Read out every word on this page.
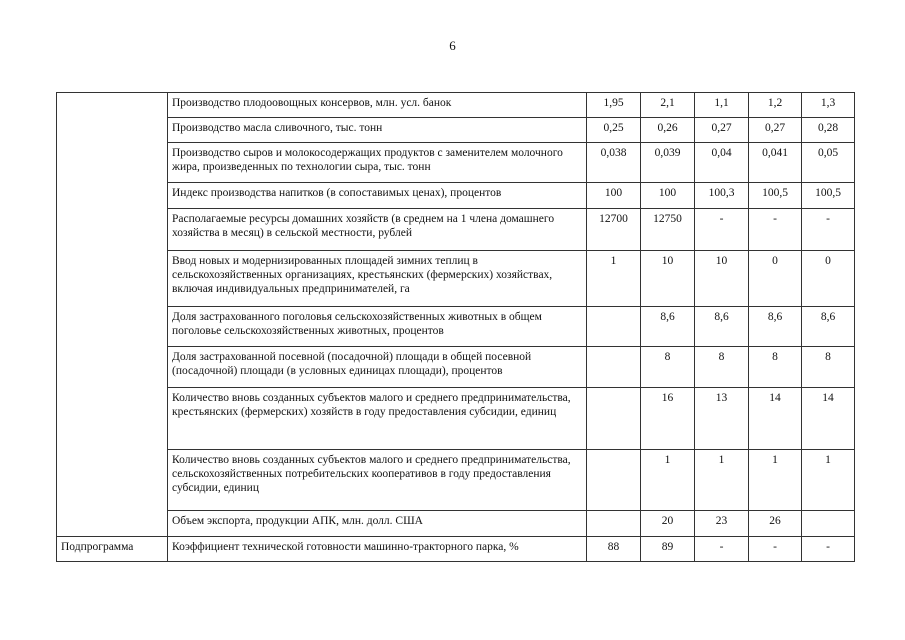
6
	Производство плодоовощных консервов, млн. усл. банок	1,95	2,1	1,1	1,2	1,3
	Производство масла сливочного, тыс. тонн	0,25	0,26	0,27	0,27	0,28
	Производство сыров и молокосодержащих продуктов с заменителем молочного жира, произведенных по технологии сыра, тыс. тонн	0,038	0,039	0,04	0,041	0,05
	Индекс производства напитков (в сопоставимых ценах), процентов	100	100	100,3	100,5	100,5
	Располагаемые ресурсы домашних хозяйств (в среднем на 1 члена домашнего хозяйства в месяц) в сельской местности, рублей	12700	12750	-	-	-
	Ввод новых и модернизированных площадей зимних теплиц в сельскохозяйственных организациях, крестьянских (фермерских) хозяйствах, включая индивидуальных предпринимателей, га	1	10	10	0	0
	Доля застрахованного поголовья сельскохозяйственных животных в общем поголовье сельскохозяйственных животных, процентов		8,6	8,6	8,6	8,6
	Доля застрахованной посевной (посадочной) площади в общей посевной (посадочной) площади (в условных единицах площади), процентов		8	8	8	8
	Количество вновь созданных субъектов малого и среднего предпринимательства, крестьянских (фермерских) хозяйств в году предоставления субсидии, единиц		16	13	14	14
	Количество вновь созданных субъектов малого и среднего предпринимательства, сельскохозяйственных потребительских кооперативов в году предоставления субсидии, единиц		1	1	1	1
	Объем экспорта, продукции АПК, млн. долл. США		20	23	26	
Подпрограмма	Коэффициент технической готовности машинно-тракторного парка, %	88	89	-	-	-
